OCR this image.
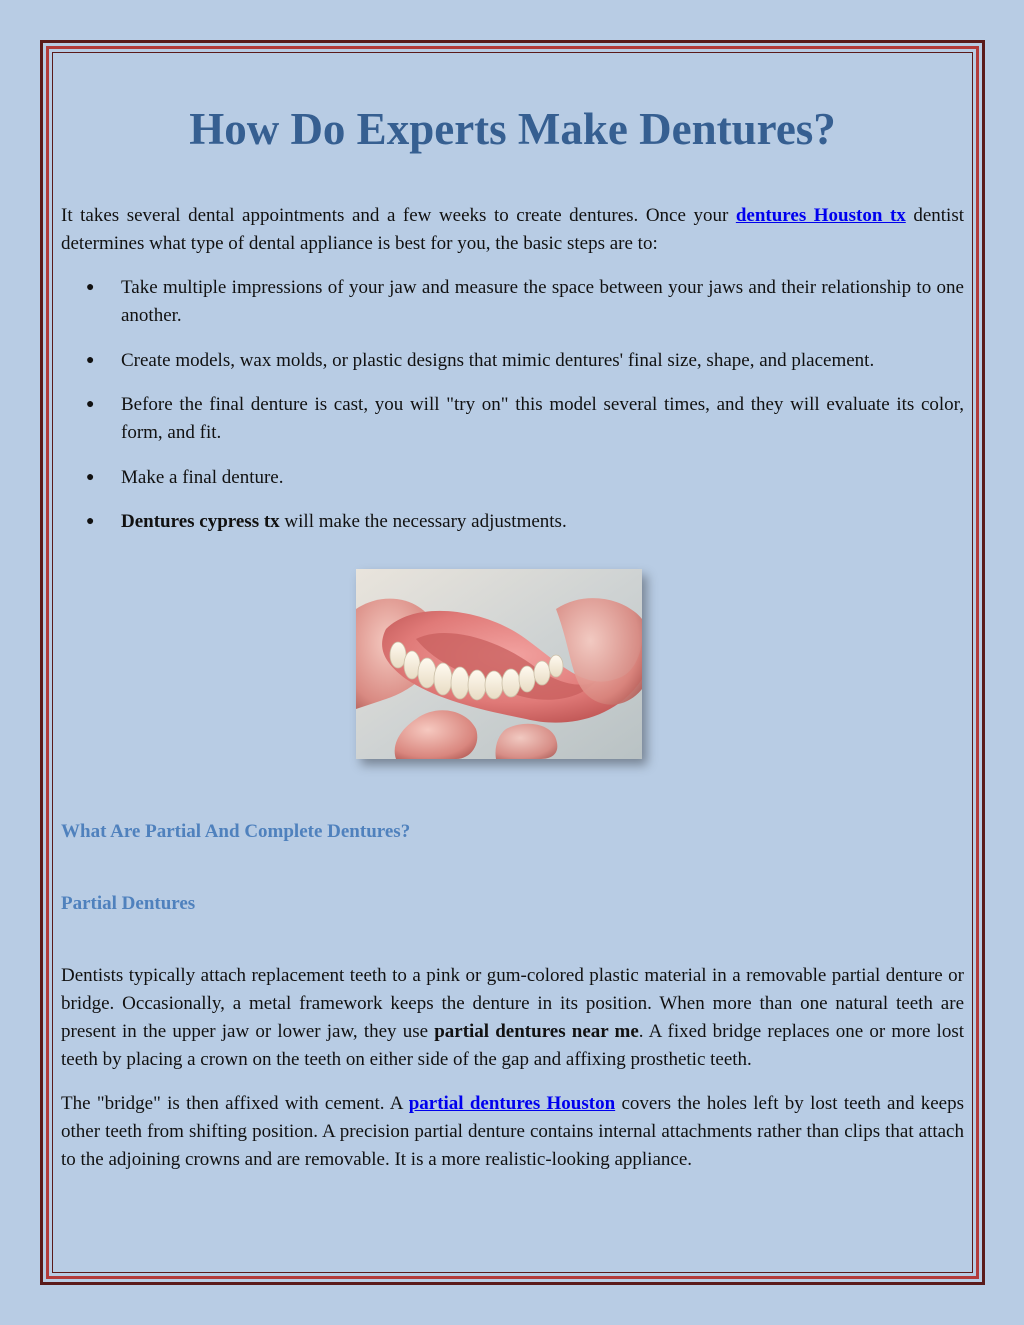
How Do Experts Make Dentures?

It takes several dental appointments and a few weeks to create dentures. Once your dentures Houston tx dentist determines what type of dental appliance is best for you, the basic steps are to:

● Take multiple impressions of your jaw and measure the space between your jaws and their relationship to one another.
● Create models, wax molds, or plastic designs that mimic dentures' final size, shape, and placement.
● Before the final denture is cast, you will "try on" this model several times, and they will evaluate its color, form, and fit.
● Make a final denture.
● Dentures cypress tx will make the necessary adjustments.
What Are Partial And Complete Dentures?
Partial Dentures

Dentists typically attach replacement teeth to a pink or gum-colored plastic material in a removable partial denture or bridge. Occasionally, a metal framework keeps the denture in its position. When more than one natural teeth are present in the upper jaw or lower jaw, they use partial dentures near me. A fixed bridge replaces one or more lost teeth by placing a crown on the teeth on either side of the gap and affixing prosthetic teeth.

The "bridge" is then affixed with cement. A partial dentures Houston covers the holes left by lost teeth and keeps other teeth from shifting position. A precision partial denture contains internal attachments rather than clips that attach to the adjoining crowns and are removable. It is a more realistic-looking appliance.
